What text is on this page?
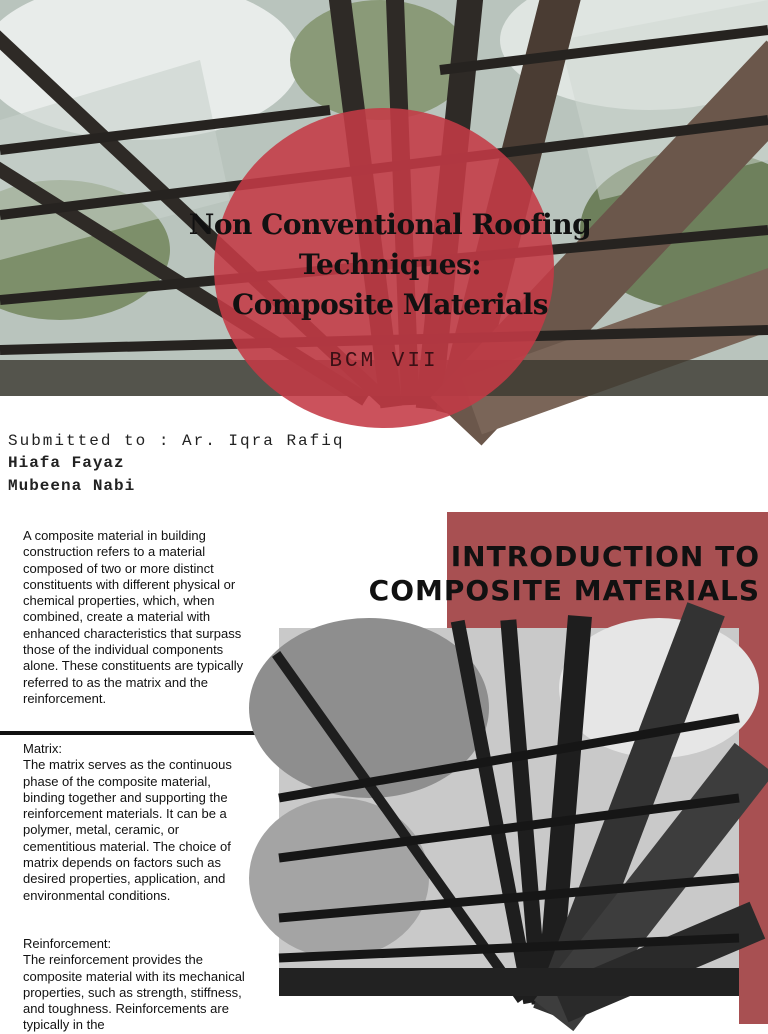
Non Conventional Roofing
Techniques:
Composite Materials
BCM VII
Submitted to : Ar. Iqra Rafiq
Hiafa Fayaz
Mubeena Nabi
A composite material in building construction refers to a material composed of two or more distinct constituents with different physical or chemical properties, which, when combined, create a material with enhanced characteristics that surpass those of the individual components alone. These constituents are typically referred to as the matrix and the reinforcement.
Matrix:
The matrix serves as the continuous phase of the composite material, binding together and supporting the reinforcement materials. It can be a polymer, metal, ceramic, or cementitious material. The choice of matrix depends on factors such as desired properties, application, and environmental conditions.
Reinforcement:
The reinforcement provides the composite material with its mechanical properties, such as strength, stiffness, and toughness. Reinforcements are typically in the
INTRODUCTION TO
COMPOSITE MATERIALS
